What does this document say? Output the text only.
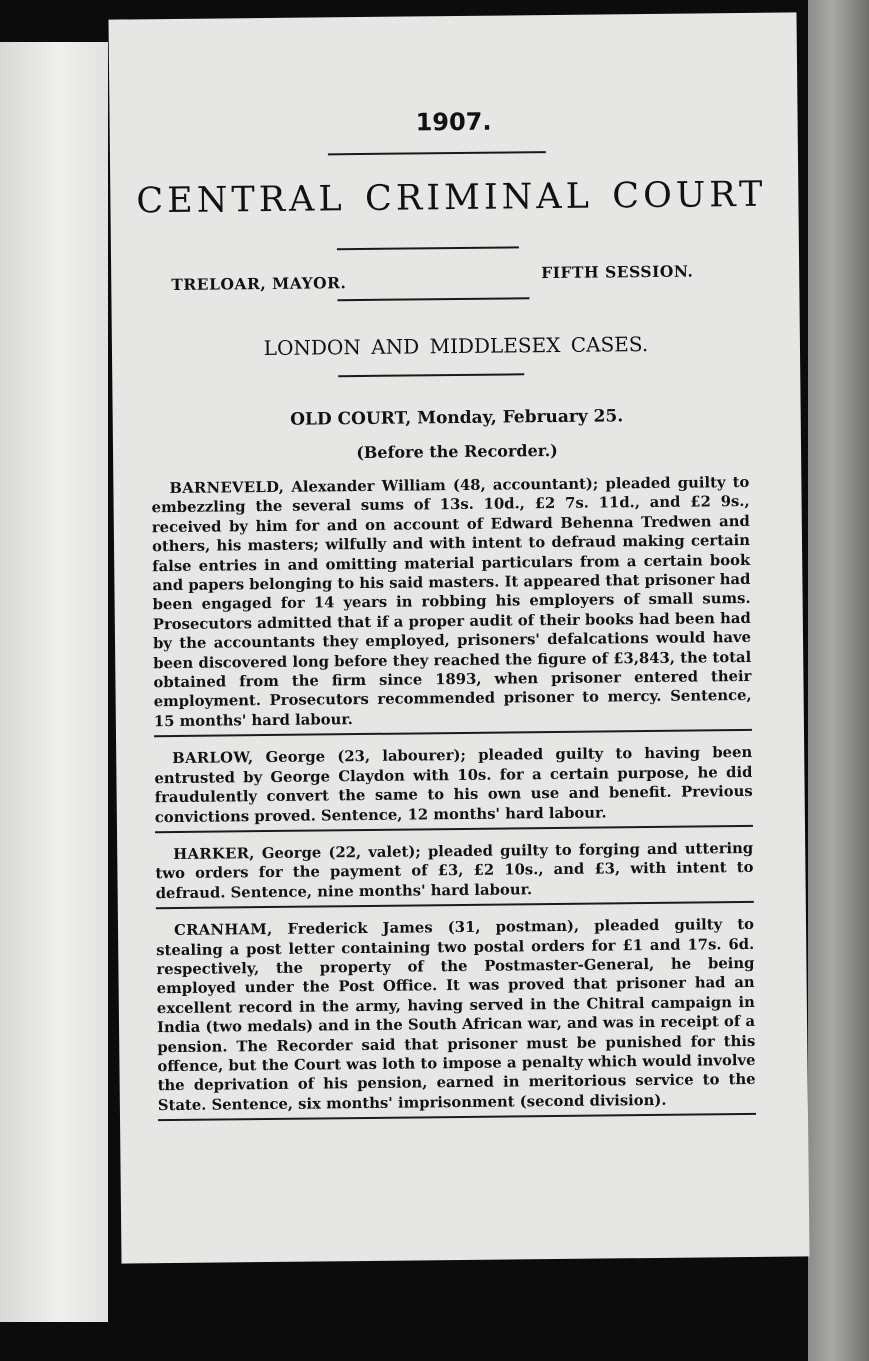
1907.
CENTRAL CRIMINAL COURT
TRELOAR, MAYOR.
FIFTH SESSION.
LONDON AND MIDDLESEX CASES.
OLD COURT, Monday, February 25.
(Before the Recorder.)

BARNEVELD, Alexander William (48, accountant); pleaded guilty to embezzling the several sums of 13s. 10d., £2 7s. 11d., and £2 9s., received by him for and on account of Edward Behenna Tredwen and others, his masters; wilfully and with intent to defraud making certain false entries in and omitting material particulars from a certain book and papers belonging to his said masters. It appeared that prisoner had been engaged for 14 years in robbing his employers of small sums. Prosecutors admitted that if a proper audit of their books had been had by the accountants they employed, prisoners' defalcations would have been discovered long before they reached the figure of £3,843, the total obtained from the firm since 1893, when prisoner entered their employment. Prosecutors recommended prisoner to mercy. Sentence, 15 months' hard labour.

BARLOW, George (23, labourer); pleaded guilty to having been entrusted by George Claydon with 10s. for a certain purpose, he did fraudulently convert the same to his own use and benefit. Previous convictions proved. Sentence, 12 months' hard labour.

HARKER, George (22, valet); pleaded guilty to forging and uttering two orders for the payment of £3, £2 10s., and £3, with intent to defraud. Sentence, nine months' hard labour.

CRANHAM, Frederick James (31, postman), pleaded guilty to stealing a post letter containing two postal orders for £1 and 17s. 6d. respectively, the property of the Postmaster-General, he being employed under the Post Office. It was proved that prisoner had an excellent record in the army, having served in the Chitral campaign in India (two medals) and in the South African war, and was in receipt of a pension. The Recorder said that prisoner must be punished for this offence, but the Court was loth to impose a penalty which would involve the deprivation of his pension, earned in meritorious service to the State. Sentence, six months' imprisonment (second division).
